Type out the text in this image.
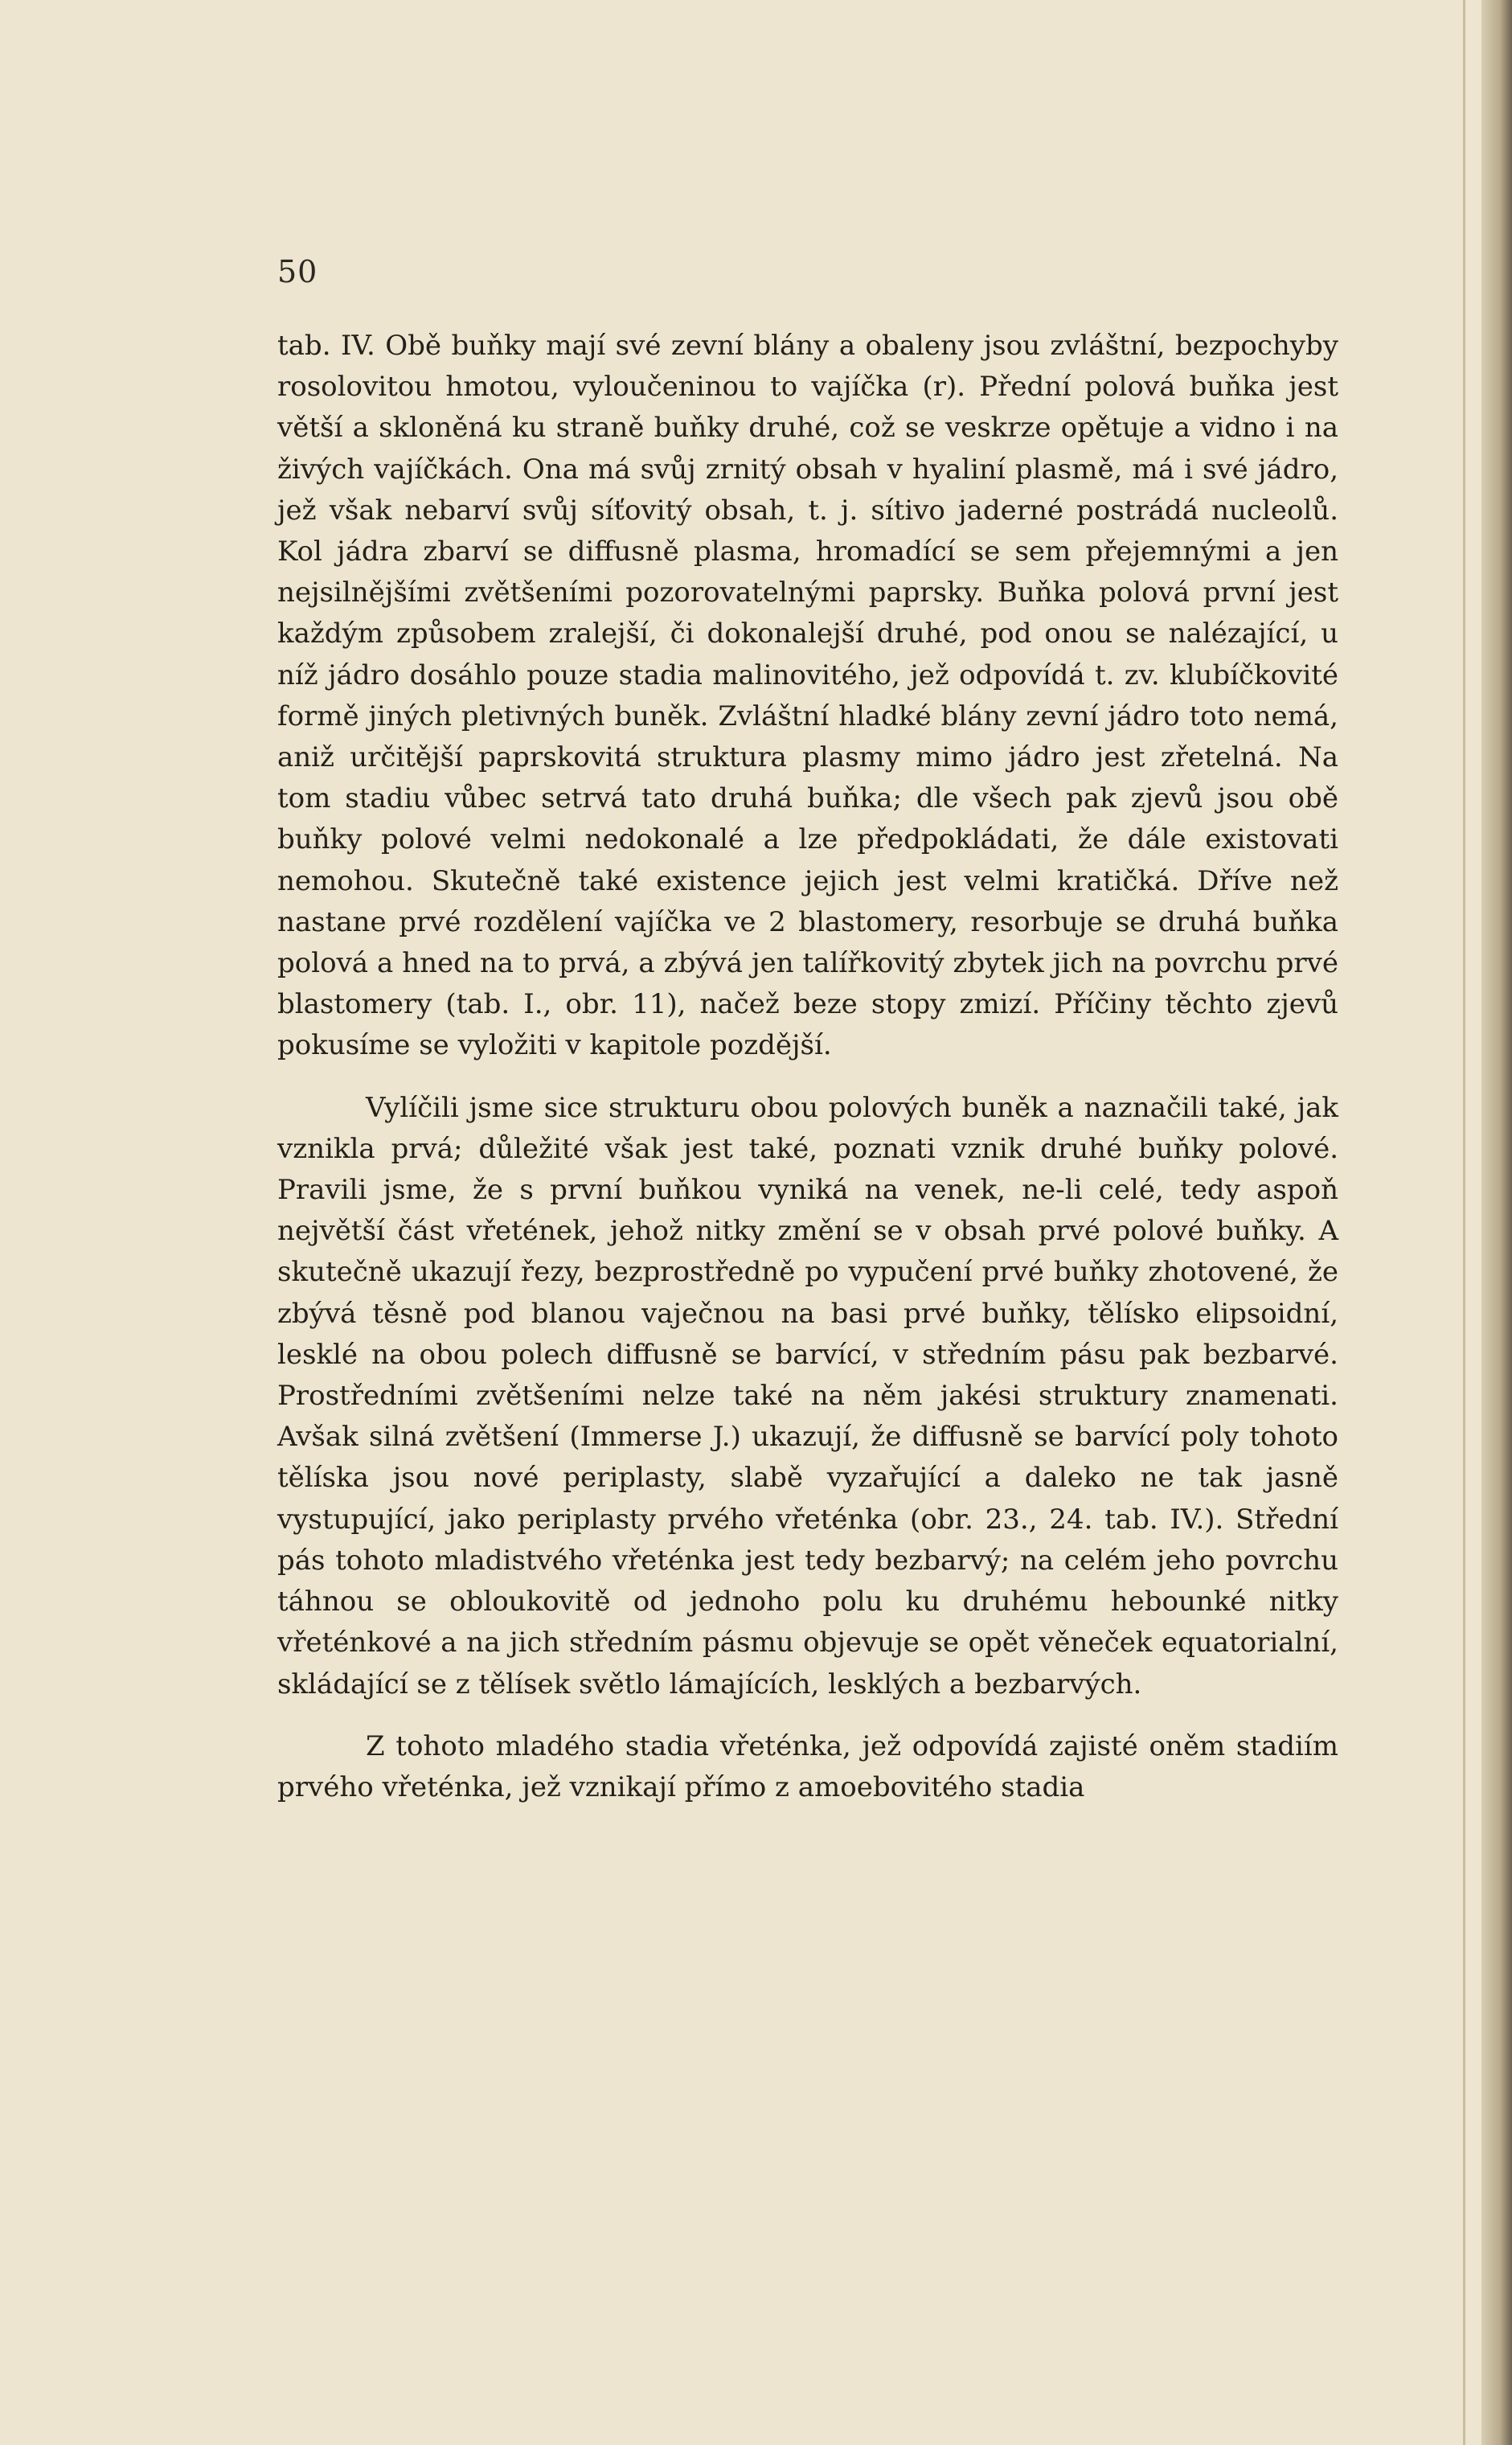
50

tab. IV. Obě buňky mají své zevní blány a obaleny jsou zvláštní, bezpochyby rosolovitou hmotou, vyloučeninou to vajíčka (r). Přední polová buňka jest větší a skloněná ku straně buňky druhé, což se veskrze opětuje a vidno i na živých vajíčkách. Ona má svůj zrnitý obsah v hyaliní plasmě, má i své jádro, jež však nebarví svůj síťovitý obsah, t. j. sítivo jaderné postrádá nucleolů. Kol jádra zbarví se diffusně plasma, hromadící se sem přejemnými a jen nejsilnějšími zvětšeními pozorovatelnými paprsky. Buňka polová první jest každým způsobem zralejší, či dokonalejší druhé, pod onou se nalézající, u níž jádro dosáhlo pouze stadia malinovitého, jež odpovídá t. zv. klubíčkovité formě jiných pletivných buněk. Zvláštní hladké blány zevní jádro toto nemá, aniž určitější paprskovitá struktura plasmy mimo jádro jest zřetelná. Na tom stadiu vůbec setrvá tato druhá buňka; dle všech pak zjevů jsou obě buňky polové velmi nedokonalé a lze předpokládati, že dále existovati nemohou. Skutečně také existence jejich jest velmi kratičká. Dříve než nastane prvé rozdělení vajíčka ve 2 blastomery, resorbuje se druhá buňka polová a hned na to prvá, a zbývá jen talířkovitý zbytek jich na povrchu prvé blastomery (tab. I., obr. 11), načež beze stopy zmizí. Příčiny těchto zjevů pokusíme se vyložiti v kapitole pozdější.

Vylíčili jsme sice strukturu obou polových buněk a naznačili také, jak vznikla prvá; důležité však jest také, poznati vznik druhé buňky polové. Pravili jsme, že s první buňkou vyniká na venek, ne-li celé, tedy aspoň největší část vřetének, jehož nitky změní se v obsah prvé polové buňky. A skutečně ukazují řezy, bezprostředně po vypučení prvé buňky zhotovené, že zbývá těsně pod blanou vaječnou na basi prvé buňky, tělísko elipsoidní, lesklé na obou polech diffusně se barvící, v středním pásu pak bezbarvé. Prostředními zvětšeními nelze také na něm jakési struktury znamenati. Avšak silná zvětšení (Immerse J.) ukazují, že diffusně se barvící poly tohoto tělíska jsou nové periplasty, slabě vyzařující a daleko ne tak jasně vystupující, jako periplasty prvého vřeténka (obr. 23., 24. tab. IV.). Střední pás tohoto mladistvého vřeténka jest tedy bezbarvý; na celém jeho povrchu táhnou se obloukovitě od jednoho polu ku druhému hebounké nitky vřeténkové a na jich středním pásmu objevuje se opět věneček equatorialní, skládající se z tělísek světlo lámajících, lesklých a bezbarvých.

Z tohoto mladého stadia vřeténka, jež odpovídá zajisté oněm stadiím prvého vřeténka, jež vznikají přímo z amoebovitého stadia
